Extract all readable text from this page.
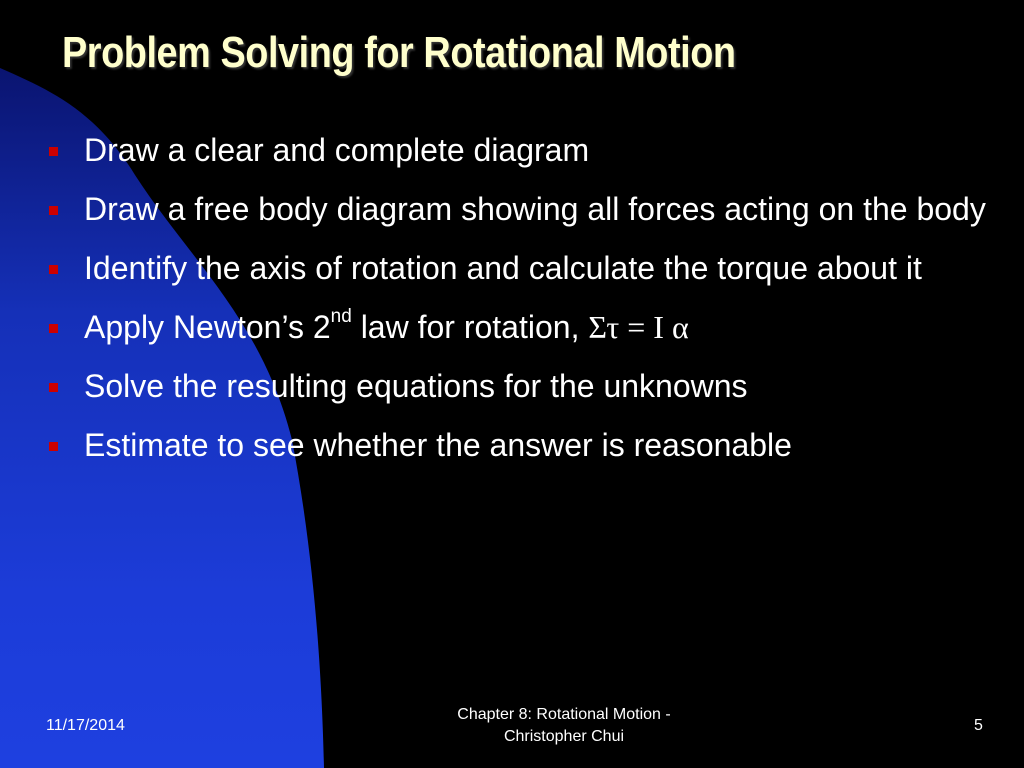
Problem Solving for Rotational Motion
Draw a clear and complete diagram
Draw a free body diagram showing all forces acting on the body
Identify the axis of rotation and calculate the torque about it
Apply Newton’s 2nd law for rotation, Στ = I α
Solve the resulting equations for the unknowns
Estimate to see whether the answer is reasonable
11/17/2014
Chapter 8: Rotational Motion -
Christopher Chui
5
